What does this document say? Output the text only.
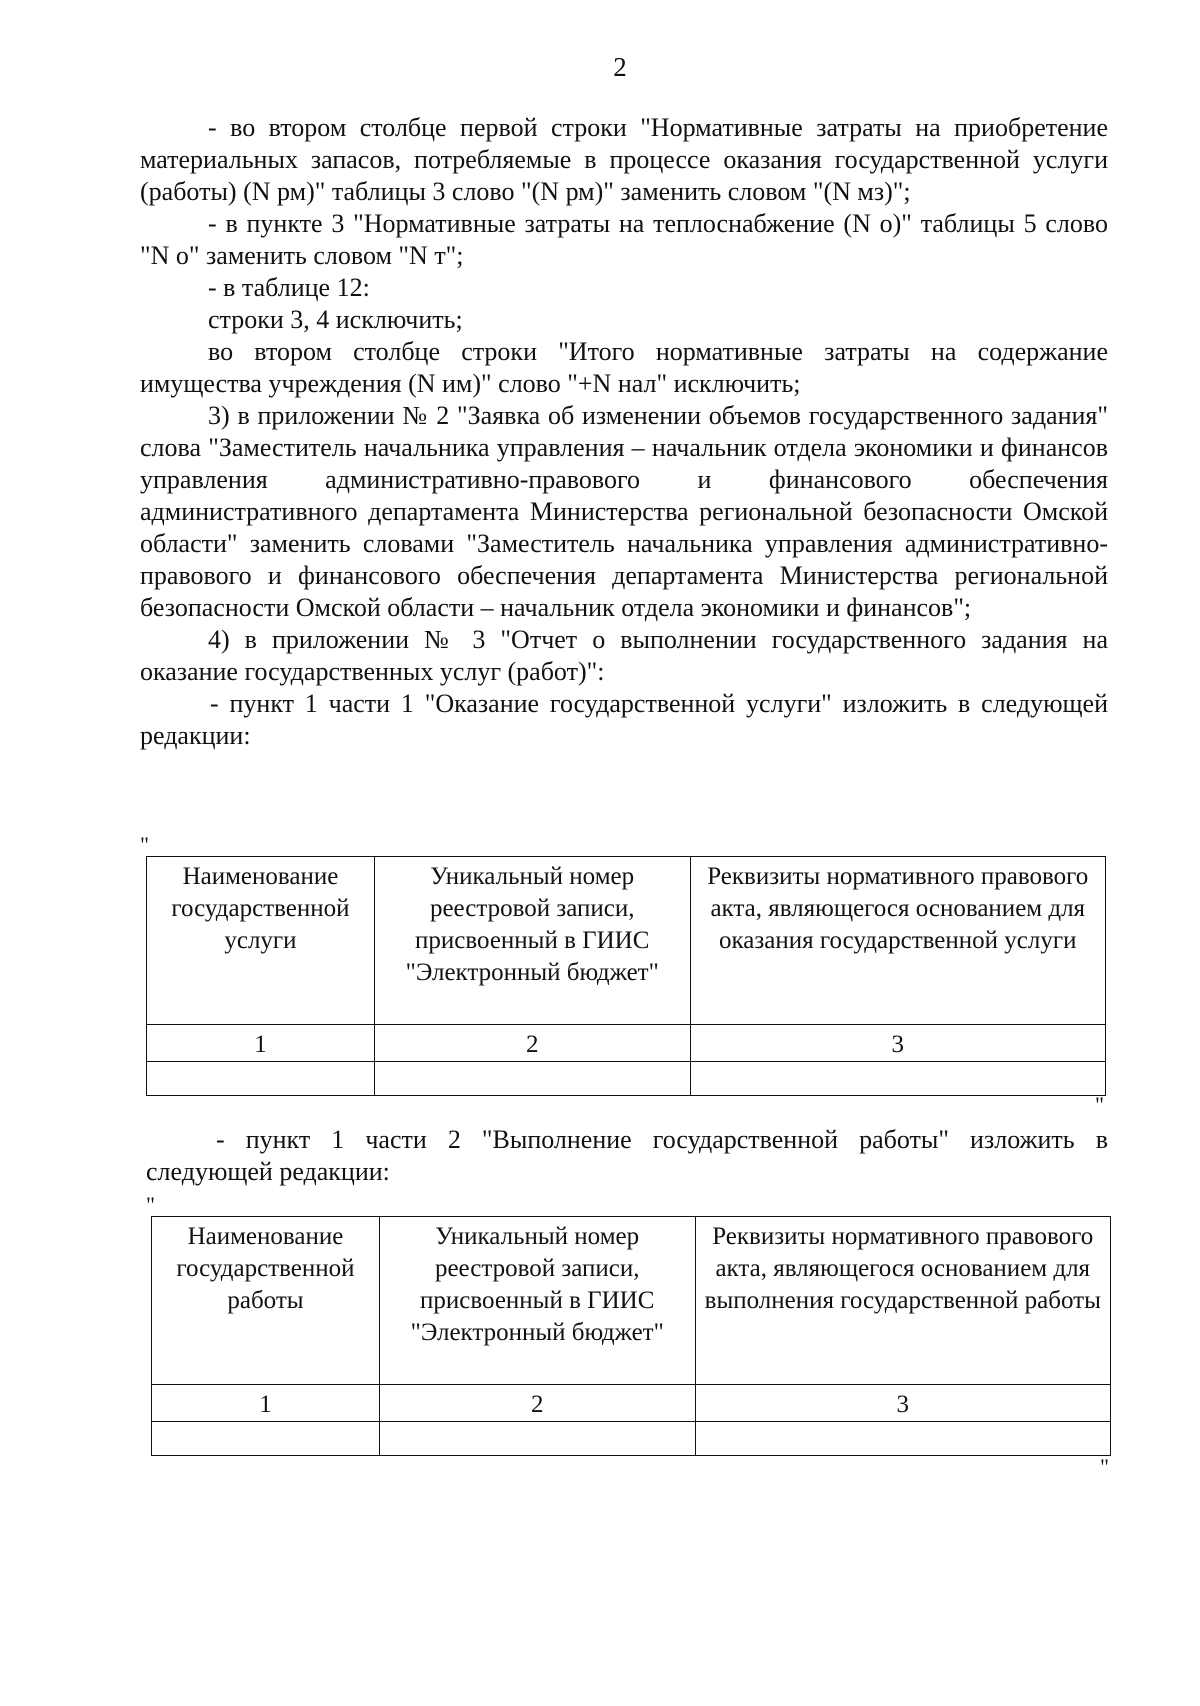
2

- во втором столбце первой строки "Нормативные затраты на приобретение материальных запасов, потребляемые в процессе оказания государственной услуги (работы) (N рм)" таблицы 3 слово "(N рм)" заменить словом "(N мз)";

- в пункте 3 "Нормативные затраты на теплоснабжение (N о)" таблицы 5 слово "N о" заменить словом "N т";

- в таблице 12:

строки 3, 4 исключить;

во втором столбце строки "Итого нормативные затраты на содержание имущества учреждения (N им)" слово "+N нал" исключить;

3) в приложении № 2 "Заявка об изменении объемов государственного задания" слова "Заместитель начальника управления – начальник отдела экономики и финансов управления административно-правового и финансового обеспечения административного департамента Министерства региональной безопасности Омской области" заменить словами "Заместитель начальника управления административно-правового и финансового обеспечения департамента Министерства региональной безопасности Омской области – начальник отдела экономики и финансов";

4) в приложении № 3 "Отчет о выполнении государственного задания на оказание государственных услуг (работ)":

- пункт 1 части 1 "Оказание государственной услуги" изложить в следующей редакции:

"
Наименование государственной услуги	Уникальный номер реестровой записи, присвоенный в ГИИС "Электронный бюджет"	Реквизиты нормативного правового акта, являющегося основанием для оказания государственной услуги
1	2	3

"

- пункт 1 части 2 "Выполнение государственной работы" изложить в следующей редакции:

"
Наименование государственной работы	Уникальный номер реестровой записи, присвоенный в ГИИС "Электронный бюджет"	Реквизиты нормативного правового акта, являющегося основанием для выполнения государственной работы
1	2	3

"
